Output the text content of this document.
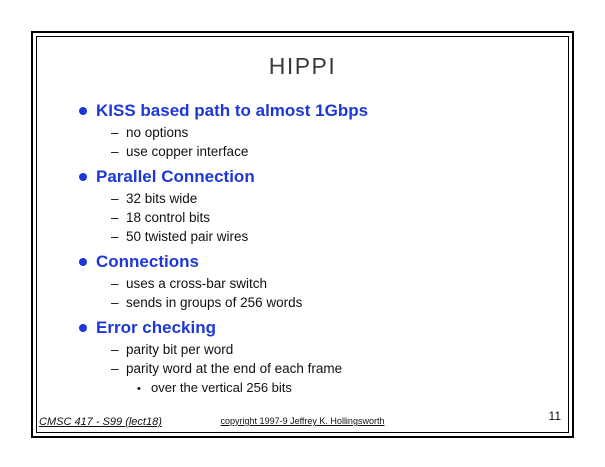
HIPPI
KISS based path to almost 1Gbps
– no options
– use copper interface
Parallel Connection
– 32 bits wide
– 18 control bits
– 50 twisted pair wires
Connections
– uses a cross-bar switch
– sends in groups of 256 words
Error checking
– parity bit per word
– parity word at the end of each frame
• over the vertical 256 bits
CMSC 417 - S99 (lect18)	copyright 1997-9 Jeffrey K. Hollingsworth	11
